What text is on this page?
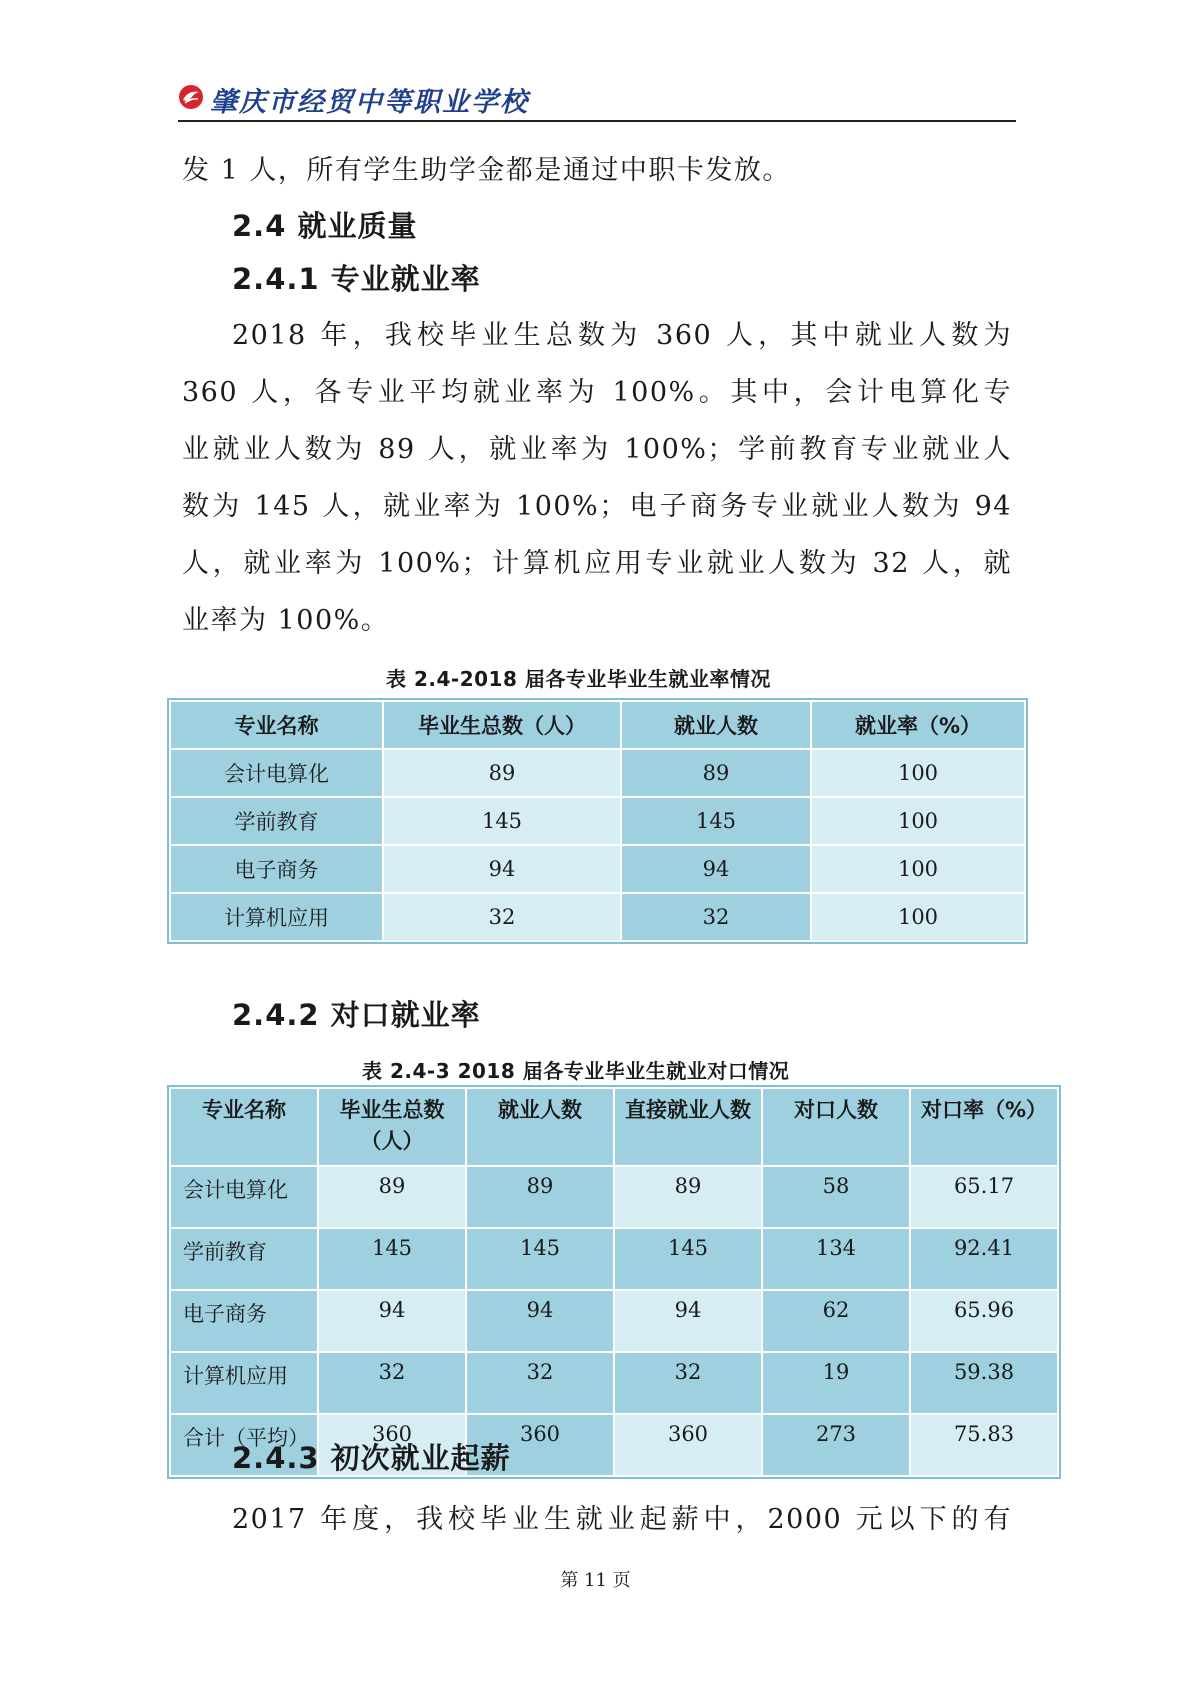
肇庆市经贸中等职业学校

发 1 人，所有学生助学金都是通过中职卡发放。

2.4 就业质量
2.4.1 专业就业率

2018 年，我校毕业生总数为 360 人，其中就业人数为

360 人，各专业平均就业率为 100%。其中，会计电算化专

业就业人数为 89 人，就业率为 100%；学前教育专业就业人

数为 145 人，就业率为 100%；电子商务专业就业人数为 94

人，就业率为 100%；计算机应用专业就业人数为 32 人，就

业率为 100%。

表 2.4-2018 届各专业毕业生就业率情况
专业名称	毕业生总数（人）	就业人数	就业率（%）
会计电算化	89	89	100
学前教育	145	145	100
电子商务	94	94	100
计算机应用	32	32	100
2.4.2 对口就业率
表 2.4-3 2018 届各专业毕业生就业对口情况
专业名称	毕业生总数（人）	就业人数	直接就业人数	对口人数	对口率（%）
会计电算化	89	89	89	58	65.17
学前教育	145	145	145	134	92.41
电子商务	94	94	94	62	65.96
计算机应用	32	32	32	19	59.38
合计（平均）	360	360	360	273	75.83
2.4.3 初次就业起薪

2017 年度，我校毕业生就业起薪中，2000 元以下的有

第 11 页
